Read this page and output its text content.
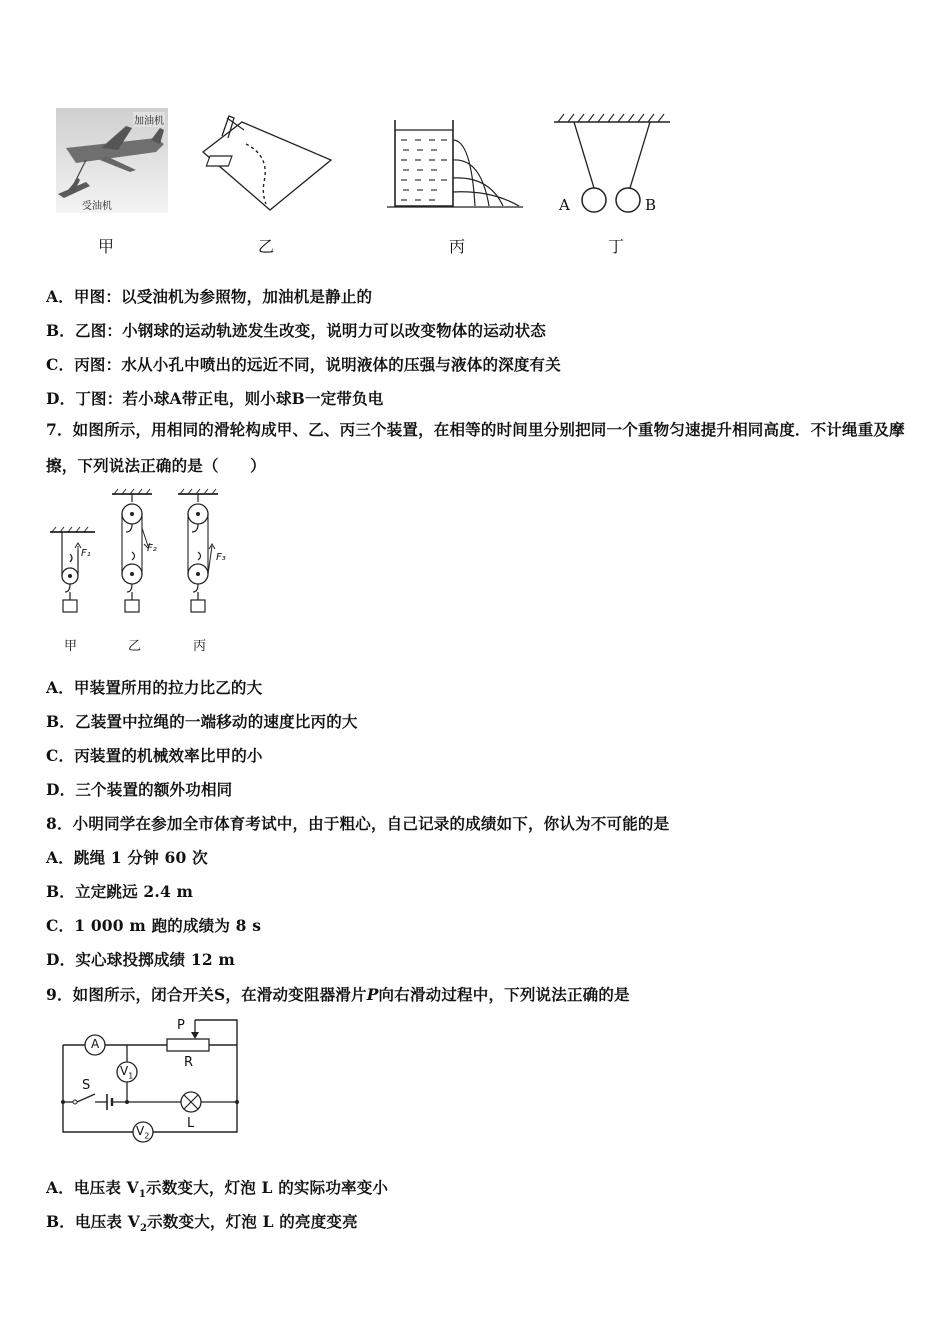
加油机
受油机	A	B
甲	乙	丙	丁
A．甲图：以受油机为参照物，加油机是静止的
B．乙图：小钢球的运动轨迹发生改变，说明力可以改变物体的运动状态
C．丙图：水从小孔中喷出的远近不同，说明液体的压强与液体的深度有关
D．丁图：若小球A带正电，则小球B一定带负电
7．如图所示，用相同的滑轮构成甲、乙、丙三个装置，在相等的时间里分别把同一个重物匀速提升相同高度．不计绳重及摩擦，下列说法正确的是（　　）
F₁	F₂
F₃
甲	乙	丙
A．甲装置所用的拉力比乙的大
B．乙装置中拉绳的一端移动的速度比丙的大
C．丙装置的机械效率比甲的小
D．三个装置的额外功相同
8．小明同学在参加全市体育考试中，由于粗心，自己记录的成绩如下，你认为不可能的是
A．跳绳 1 分钟 60 次
B．立定跳远 2.4 m
C．1 000 m 跑的成绩为 8 s
D．实心球投掷成绩 12 m
9．如图所示，闭合开关S，在滑动变阻器滑片P向右滑动过程中，下列说法正确的是
A
$V_1$
$V_2$
P
R
S
L
A．电压表 $V_1$示数变大，灯泡 L 的实际功率变小
B．电压表 $V_2$示数变大，灯泡 L 的亮度变亮
